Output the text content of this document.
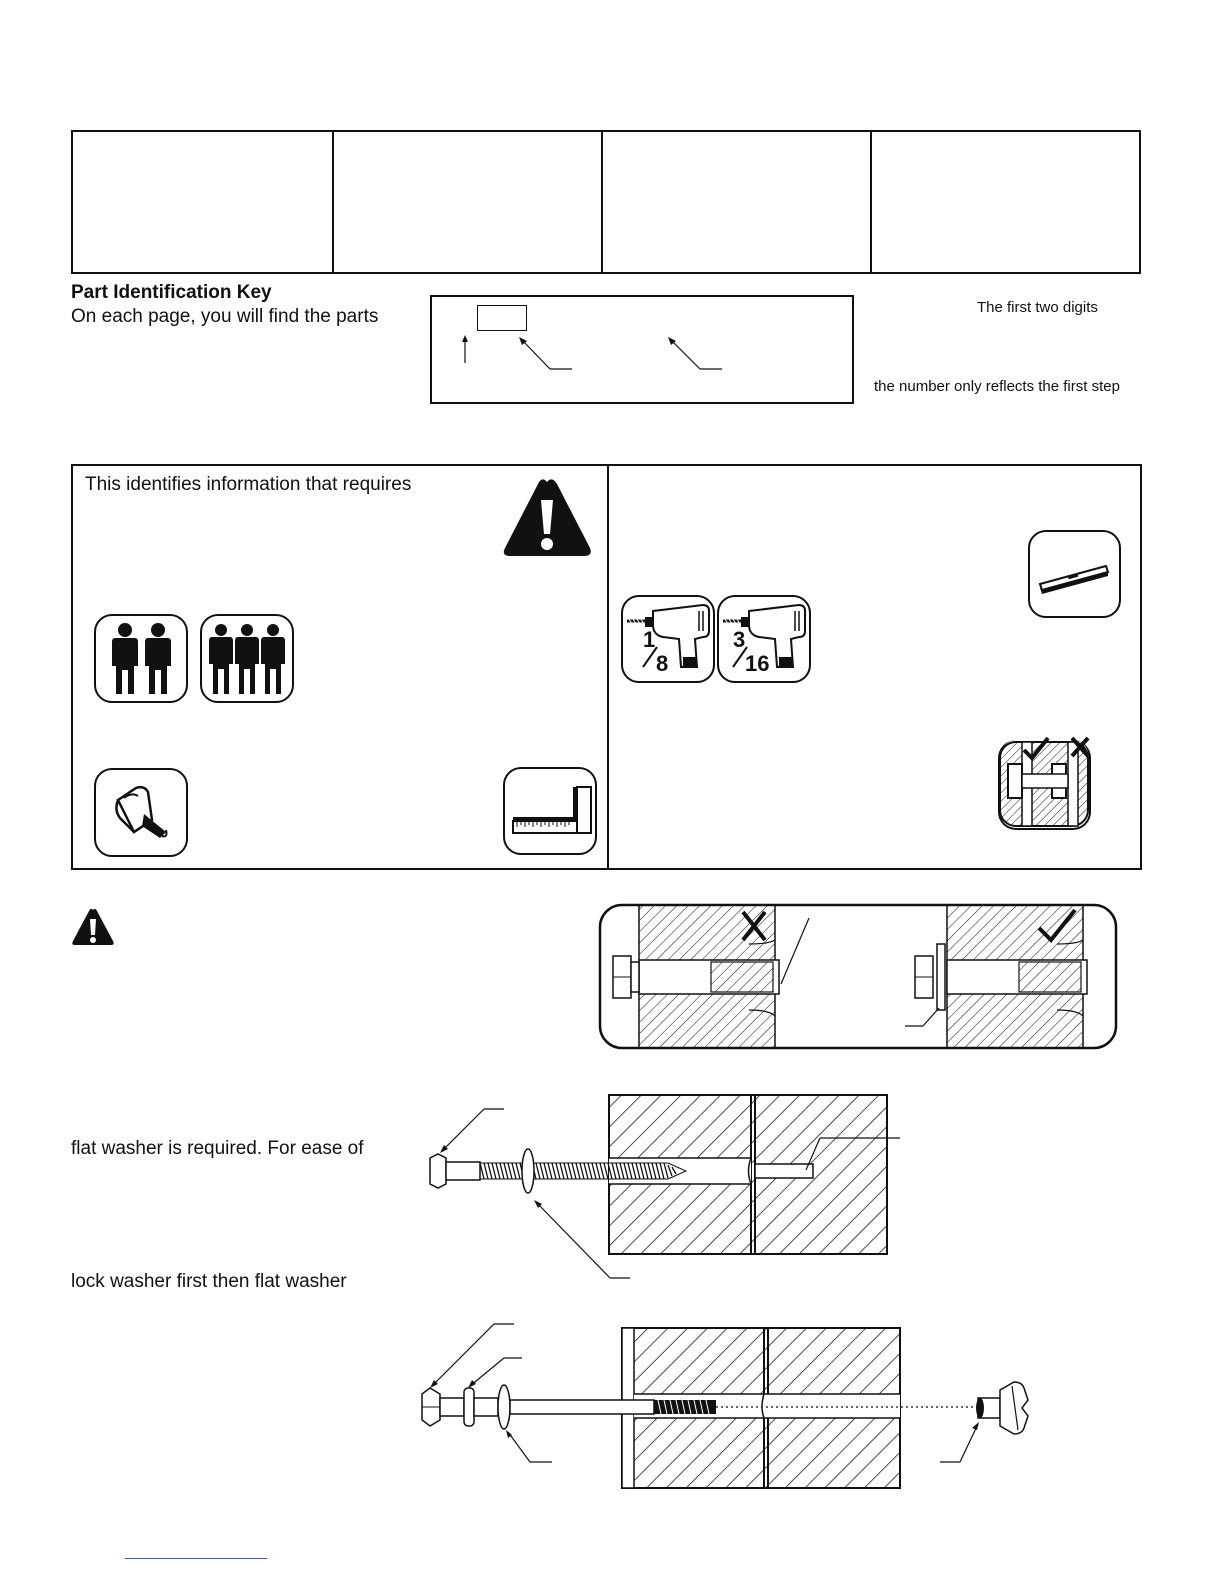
Part Identification Key
On each page, you will find the parts	The first two digits
the number only reflects the first step
This identifies information that requires
1
8
3
16
flat washer is required. For ease of
lock washer first then flat washer
